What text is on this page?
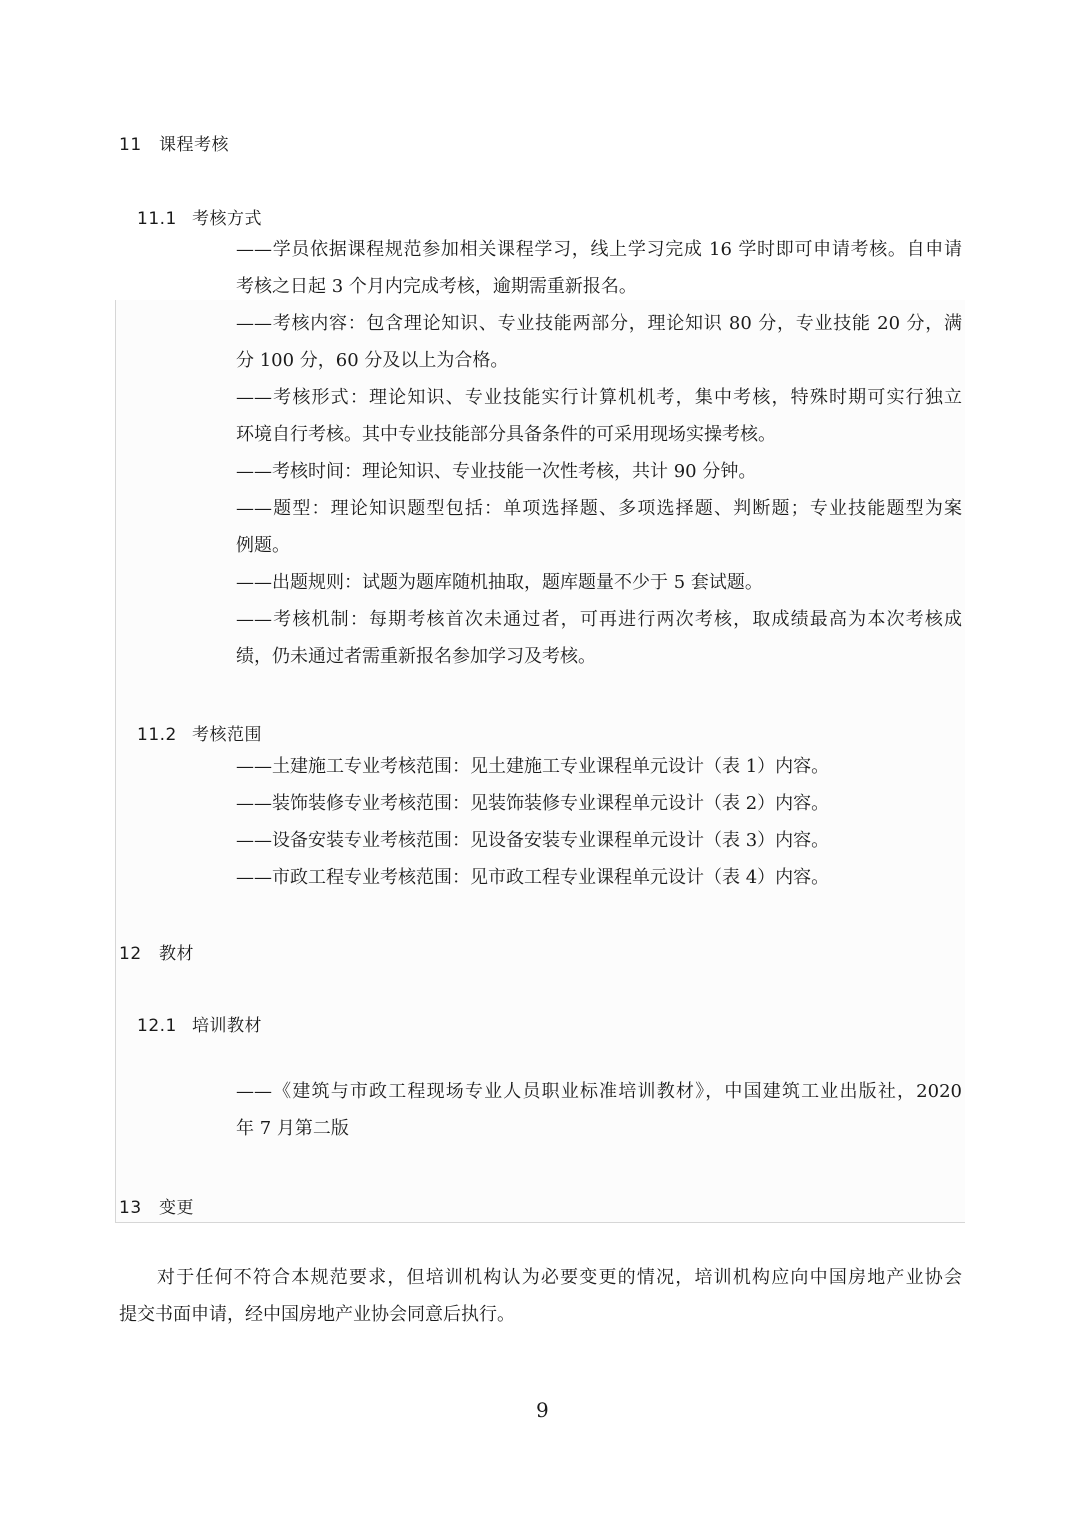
11 课程考核
11.1 考核方式
——学员依据课程规范参加相关课程学习，线上学习完成 16 学时即可申请考核。自申请
考核之日起 3 个月内完成考核，逾期需重新报名。
——考核内容：包含理论知识、专业技能两部分，理论知识 80 分，专业技能 20 分，满
分 100 分，60 分及以上为合格。
——考核形式：理论知识、专业技能实行计算机机考，集中考核，特殊时期可实行独立
环境自行考核。其中专业技能部分具备条件的可采用现场实操考核。
——考核时间：理论知识、专业技能一次性考核，共计 90 分钟。
——题型：理论知识题型包括：单项选择题、多项选择题、判断题；专业技能题型为案
例题。
——出题规则：试题为题库随机抽取，题库题量不少于 5 套试题。
——考核机制：每期考核首次未通过者，可再进行两次考核，取成绩最高为本次考核成
绩，仍未通过者需重新报名参加学习及考核。
11.2 考核范围
——土建施工专业考核范围：见土建施工专业课程单元设计（表 1）内容。
——装饰装修专业考核范围：见装饰装修专业课程单元设计（表 2）内容。
——设备安装专业考核范围：见设备安装专业课程单元设计（表 3）内容。
——市政工程专业考核范围：见市政工程专业课程单元设计（表 4）内容。
12 教材
12.1 培训教材
——《建筑与市政工程现场专业人员职业标准培训教材》，中国建筑工业出版社，2020
年 7 月第二版
13 变更
对于任何不符合本规范要求，但培训机构认为必要变更的情况，培训机构应向中国房地产业协会
提交书面申请，经中国房地产业协会同意后执行。
9
